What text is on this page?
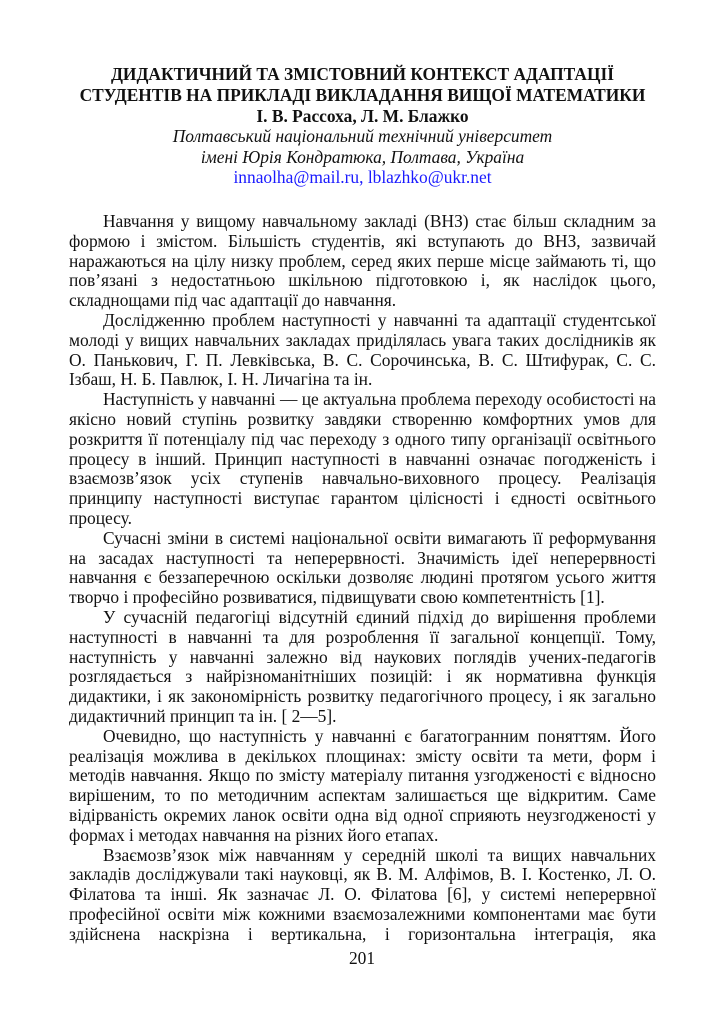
ДИДАКТИЧНИЙ ТА ЗМІСТОВНИЙ КОНТЕКСТ АДАПТАЦІЇ

СТУДЕНТІВ НА ПРИКЛАДІ ВИКЛАДАННЯ ВИЩОЇ МАТЕМАТИКИ

І. В. Рассоха, Л. М. Блажко

Полтавський національний технічний університет

імені Юрія Кондратюка, Полтава, Україна

innaolha@mail.ru, lblazhko@ukr.net

Навчання у вищому навчальному закладі (ВНЗ) стає більш складним за формою і змістом. Більшість студентів, які вступають до ВНЗ, зазвичай наражаються на цілу низку проблем, серед яких перше місце займають ті, що пов’язані з недостатньою шкільною підготовкою і, як наслідок цього, складнощами під час адаптації до навчання.

Дослідженню проблем наступності у навчанні та адаптації студентської молоді у вищих навчальних закладах приділялась увага таких дослідників як О. Панькович, Г. П. Левківська, В. С. Сорочинська, В. С. Штифурак, С. С. Ізбаш, Н. Б. Павлюк, І. Н. Личагіна та ін.

Наступність у навчанні — це актуальна проблема переходу особистості на якісно новий ступінь розвитку завдяки створенню комфортних умов для розкриття її потенціалу під час переходу з одного типу організації освітнього процесу в інший. Принцип наступності в навчанні означає погодженість і взаємозв’язок усіх ступенів навчально-виховного процесу. Реалізація принципу наступності виступає гарантом цілісності і єдності освітнього процесу.

Сучасні зміни в системі національної освіти вимагають її реформування на засадах наступності та неперервності. Значимість ідеї неперервності навчання є беззаперечною оскільки дозволяє людині протягом усього життя творчо і професійно розвиватися, підвищувати свою компетентність [1].

У сучасній педагогіці відсутній єдиний підхід до вирішення проблеми наступності в навчанні та для розроблення її загальної концепції. Тому, наступність у навчанні залежно від наукових поглядів учених-педагогів розглядається з найрізноманітніших позицій: і як нормативна функція дидактики, і як закономірність розвитку педагогічного процесу, і як загально дидактичний принцип та ін. [ 2—5].

Очевидно, що наступність у навчанні є багатогранним поняттям. Його реалізація можлива в декількох площинах: змісту освіти та мети, форм і методів навчання. Якщо по змісту матеріалу питання узгодженості є відносно вирішеним, то по методичним аспектам залишається ще відкритим. Саме відірваність окремих ланок освіти одна від одної сприяють неузгодженості у формах і методах навчання на різних його етапах.

Взаємозв’язок між навчанням у середній школі та вищих навчальних закладів досліджували такі науковці, як В. М. Алфімов, В. І. Костенко, Л. О. Філатова та інші. Як зазначає Л. О. Філатова [6], у системі неперервної професійної освіти між кожними взаємозалежними компонентами має бути здійснена наскрізна і вертикальна, і горизонтальна інтеграція, яка

201
